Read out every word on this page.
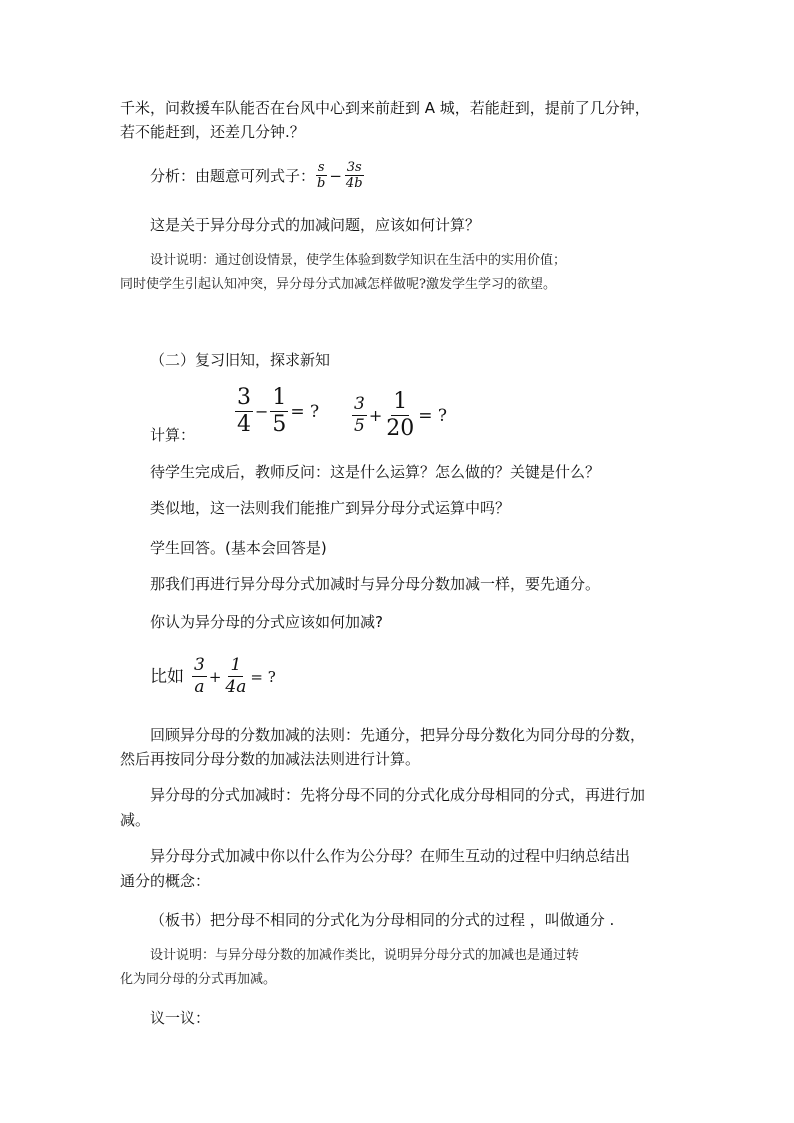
千米，问救援车队能否在台风中心到来前赶到 A 城，若能赶到，提前了几分钟，
若不能赶到，还差几分钟.？
分析：由题意可列式子： $\frac{s}{b} - \frac{3s}{4b}$
这是关于异分母分式的加减问题，应该如何计算？
设计说明：通过创设情景，使学生体验到数学知识在生活中的实用价值；
同时使学生引起认知冲突，异分母分式加减怎样做呢?激发学生学习的欲望。
（二）复习旧知，探求新知
$\frac{3}{4} - \frac{1}{5}$ = ? $\frac{3}{5} + \frac{1}{20}$ = ?
计算：
待学生完成后，教师反问：这是什么运算？怎么做的？关键是什么？
类似地，这一法则我们能推广到异分母分式运算中吗？
学生回答。(基本会回答是)
那我们再进行异分母分式加减时与异分母分数加减一样，要先通分。
你认为异分母的分式应该如何加减?
比如 $\frac{3}{a} + \frac{1}{4a}$ = ?
回顾异分母的分数加减的法则：先通分，把异分母分数化为同分母的分数，
然后再按同分母分数的加减法法则进行计算。
异分母的分式加减时：先将分母不同的分式化成分母相同的分式，再进行加
减。
异分母分式加减中你以什么作为公分母？在师生互动的过程中归纳总结出
通分的概念：
（板书）把分母不相同的分式化为分母相同的分式的过程 ，叫做通分 .
设计说明：与异分母分数的加减作类比，说明异分母分式的加减也是通过转
化为同分母的分式再加减。
议一议：
